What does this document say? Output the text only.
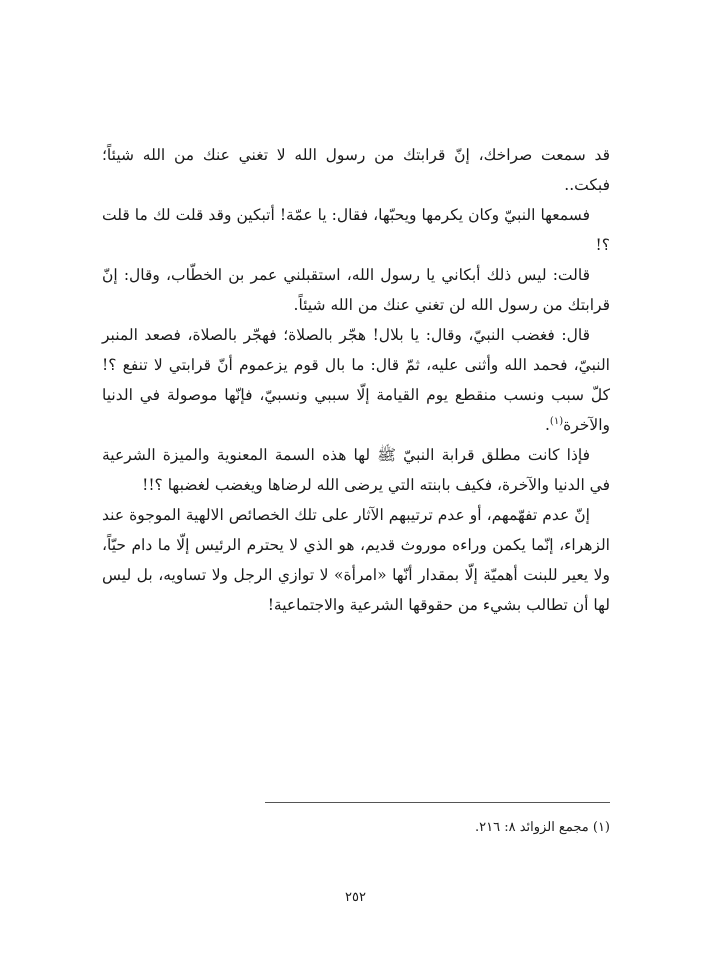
قد سمعت صراخك، إنّ قرابتك من رسول الله لا تغني عنك من الله شيئاً؛ فبكت..

فسمعها النبيّ وكان يكرمها ويحبّها، فقال: يا عمّة! أتبكين وقد قلت لك ما قلت ؟!

قالت: ليس ذلك أبكاني يا رسول الله، استقبلني عمر بن الخطّاب، وقال: إنّ قرابتك من رسول الله لن تغني عنك من الله شيئاً.

قال: فغضب النبيّ، وقال: يا بلال! هجّر بالصلاة؛ فهجّر بالصلاة، فصعد المنبر النبيّ، فحمد الله وأثنى عليه، ثمّ قال: ما بال قوم يزعموم أنّ قرابتي لا تنفع ؟! كلّ سبب ونسب منقطع يوم القيامة إلّا سببي ونسبيّ، فإنّها موصولة في الدنيا والآخرة$^{(١)}$.

فإذا كانت مطلق قرابة النبيّ ﷺ لها هذه السمة المعنوية والميزة الشرعية في الدنيا والآخرة، فكيف بابنته التي يرضى الله لرضاها ويغضب لغضبها ؟!!

إنّ عدم تفهّمهم، أو عدم ترتيبهم الآثار على تلك الخصائص الالهية الموجوة عند الزهراء، إنّما يكمن وراءه موروث قديم، هو الذي لا يحترم الرئيس إلّا ما دام حيّاً، ولا يعير للبنت أهميّة إلّا بمقدار أنّها «امرأة» لا توازي الرجل ولا تساويه، بل ليس لها أن تطالب بشيء من حقوقها الشرعية والاجتماعية!

(١) مجمع الزوائد ٨: ٢١٦.
٢٥٢
